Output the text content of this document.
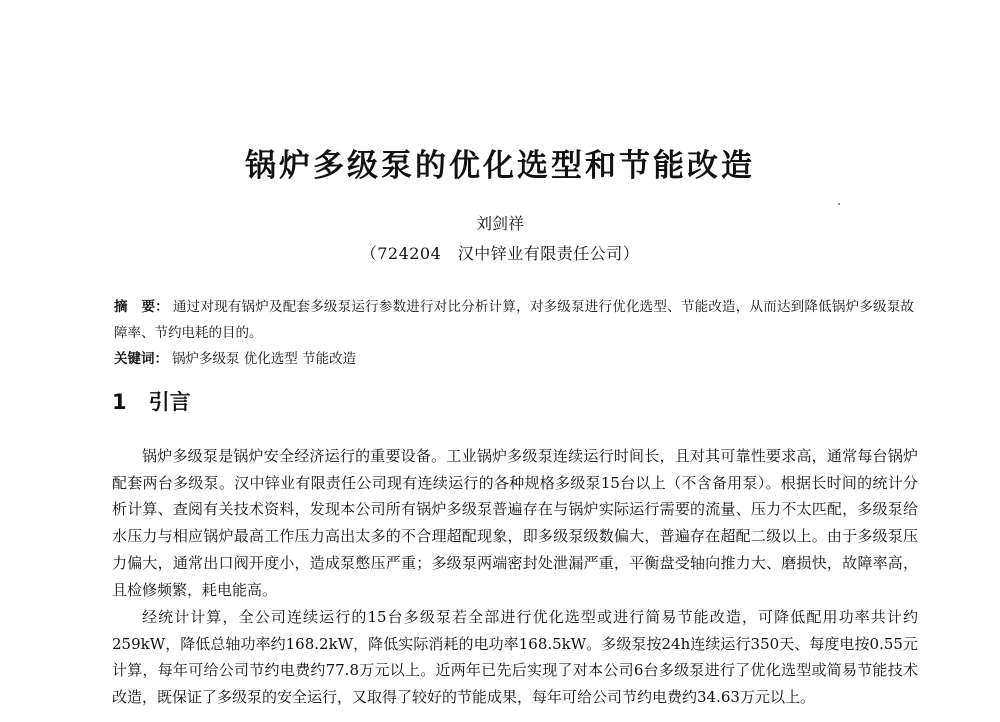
锅炉多级泵的优化选型和节能改造
刘剑祥
（724204　汉中锌业有限责任公司）
摘　要： 通过对现有锅炉及配套多级泵运行参数进行对比分析计算，对多级泵进行优化选型、节能改造，从而达到降低锅炉多级泵故障率、节约电耗的目的。
关键词： 锅炉多级泵 优化选型 节能改造
1 引言

锅炉多级泵是锅炉安全经济运行的重要设备。工业锅炉多级泵连续运行时间长，且对其可靠性要求高，通常每台锅炉配套两台多级泵。汉中锌业有限责任公司现有连续运行的各种规格多级泵15台以上（不含备用泵）。根据长时间的统计分析计算、查阅有关技术资料，发现本公司所有锅炉多级泵普遍存在与锅炉实际运行需要的流量、压力不太匹配，多级泵给水压力与相应锅炉最高工作压力高出太多的不合理超配现象，即多级泵级数偏大，普遍存在超配二级以上。由于多级泵压力偏大，通常出口阀开度小，造成泵憋压严重；多级泵两端密封处泄漏严重，平衡盘受轴向推力大、磨损快，故障率高，且检修频繁，耗电能高。

经统计计算，全公司连续运行的15台多级泵若全部进行优化选型或进行简易节能改造，可降低配用功率共计约259kW，降低总轴功率约168.2kW，降低实际消耗的电功率168.5kW。多级泵按24h连续运行350天、每度电按0.55元计算，每年可给公司节约电费约77.8万元以上。近两年已先后实现了对本公司6台多级泵进行了优化选型或简易节能技术改造，既保证了多级泵的安全运行，又取得了较好的节能成果，每年可给公司节约电费约34.63万元以上。
